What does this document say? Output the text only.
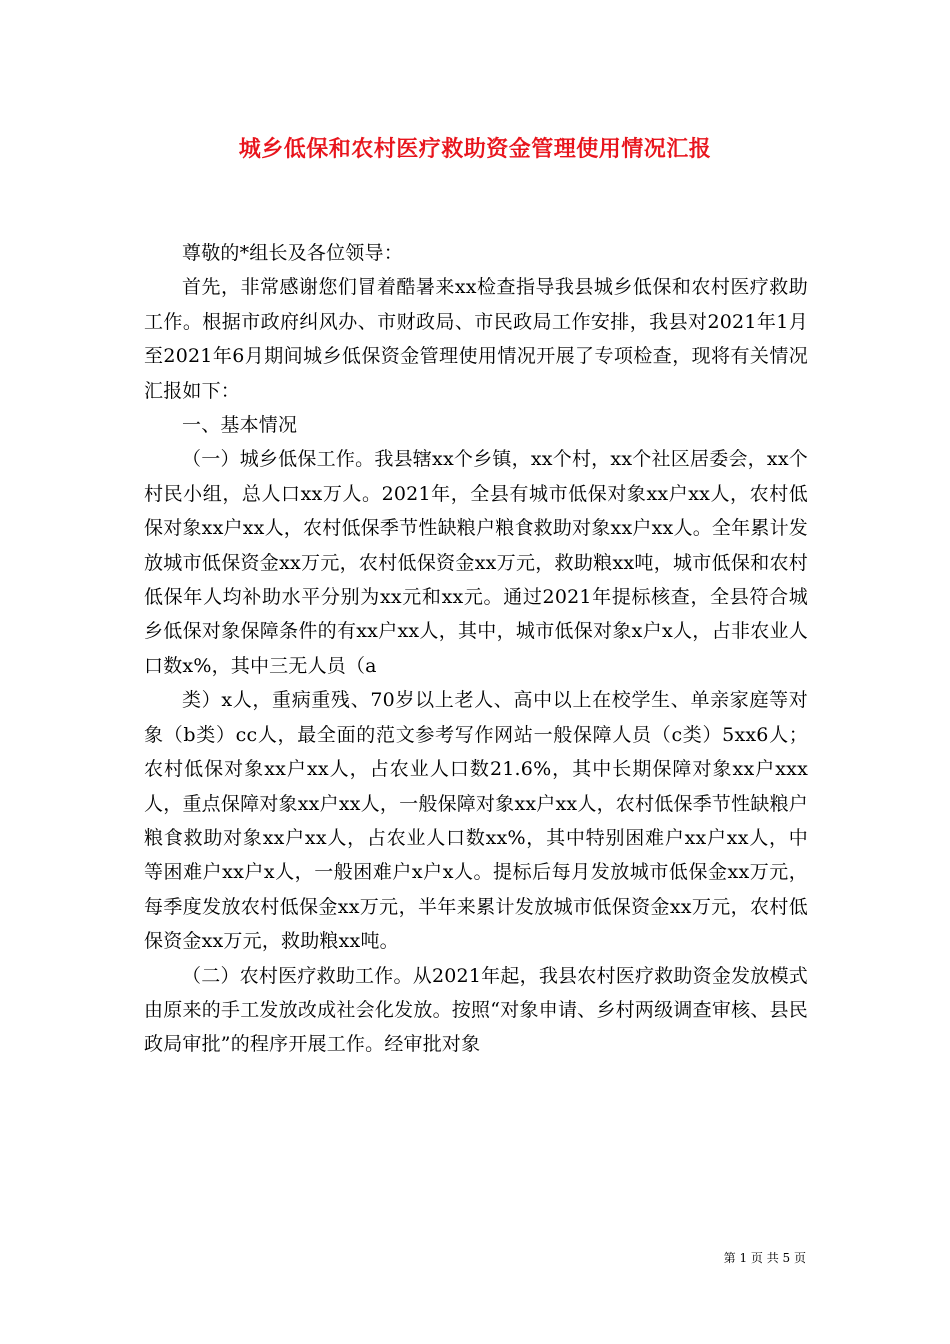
城乡低保和农村医疗救助资金管理使用情况汇报

尊敬的*组长及各位领导：

首先，非常感谢您们冒着酷暑来xx检查指导我县城乡低保和农村医疗救助工作。根据市政府纠风办、市财政局、市民政局工作安排，我县对2021年1月至2021年6月期间城乡低保资金管理使用情况开展了专项检查，现将有关情况汇报如下：

一、基本情况

（一）城乡低保工作。我县辖xx个乡镇，xx个村，xx个社区居委会，xx个村民小组，总人口xx万人。2021年，全县有城市低保对象xx户xx人，农村低保对象xx户xx人，农村低保季节性缺粮户粮食救助对象xx户xx人。全年累计发放城市低保资金xx万元，农村低保资金xx万元，救助粮xx吨，城市低保和农村低保年人均补助水平分别为xx元和xx元。通过2021年提标核查，全县符合城乡低保对象保障条件的有xx户xx人，其中，城市低保对象x户x人，占非农业人口数x%，其中三无人员（a

类）x人，重病重残、70岁以上老人、高中以上在校学生、单亲家庭等对象（b类）cc人，最全面的范文参考写作网站一般保障人员（c类）5xx6人；农村低保对象xx户xx人，占农业人口数21.6%，其中长期保障对象xx户xxx人，重点保障对象xx户xx人，一般保障对象xx户xx人，农村低保季节性缺粮户粮食救助对象xx户xx人，占农业人口数xx%，其中特别困难户xx户xx人，中等困难户xx户x人，一般困难户x户x人。提标后每月发放城市低保金xx万元，每季度发放农村低保金xx万元，半年来累计发放城市低保资金xx万元，农村低保资金xx万元，救助粮xx吨。

（二）农村医疗救助工作。从2021年起，我县农村医疗救助资金发放模式由原来的手工发放改成社会化发放。按照“对象申请、乡村两级调查审核、县民政局审批”的程序开展工作。经审批对象

第 1 页 共 5 页
